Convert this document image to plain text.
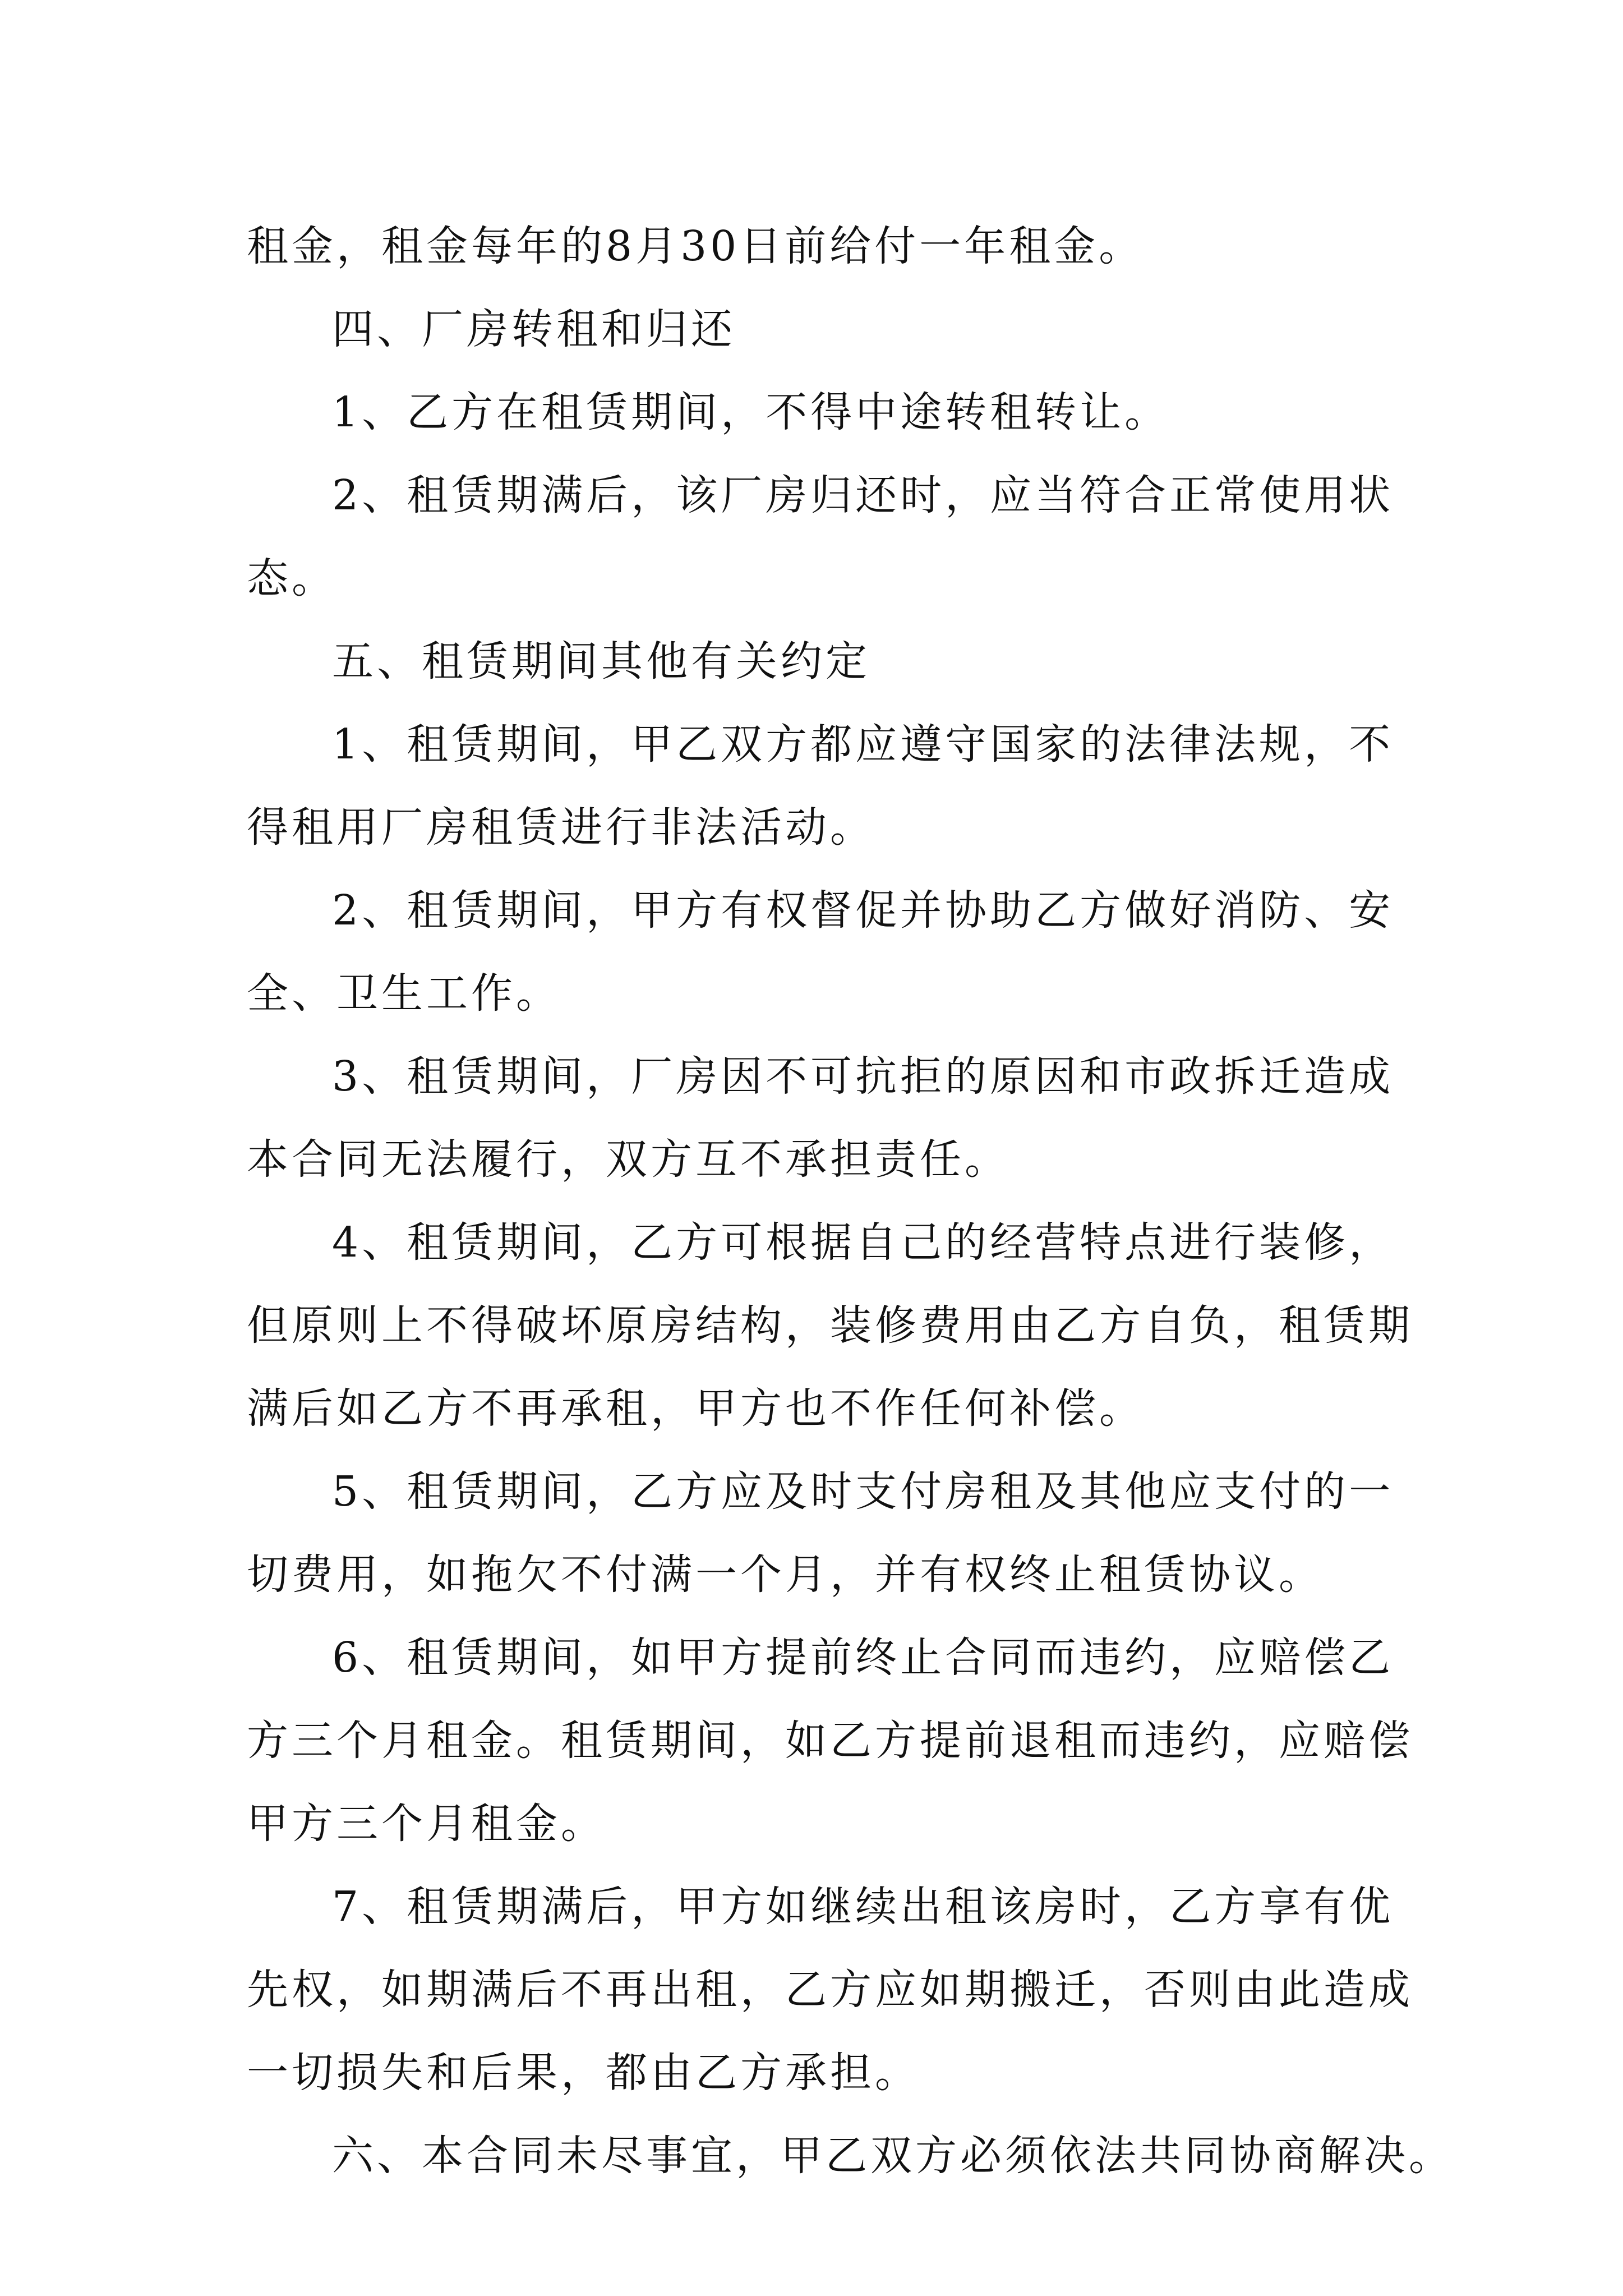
租金，租金每年的8月30日前给付一年租金。
四、厂房转租和归还
1、乙方在租赁期间，不得中途转租转让。
2、租赁期满后，该厂房归还时，应当符合正常使用状
态。
五、租赁期间其他有关约定
1、租赁期间，甲乙双方都应遵守国家的法律法规，不
得租用厂房租赁进行非法活动。
2、租赁期间，甲方有权督促并协助乙方做好消防、安
全、卫生工作。
3、租赁期间，厂房因不可抗拒的原因和市政拆迁造成
本合同无法履行，双方互不承担责任。
4、租赁期间，乙方可根据自己的经营特点进行装修，
但原则上不得破坏原房结构，装修费用由乙方自负，租赁期
满后如乙方不再承租，甲方也不作任何补偿。
5、租赁期间，乙方应及时支付房租及其他应支付的一
切费用，如拖欠不付满一个月，并有权终止租赁协议。
6、租赁期间，如甲方提前终止合同而违约，应赔偿乙
方三个月租金。租赁期间，如乙方提前退租而违约，应赔偿
甲方三个月租金。
7、租赁期满后，甲方如继续出租该房时，乙方享有优
先权，如期满后不再出租，乙方应如期搬迁，否则由此造成
一切损失和后果，都由乙方承担。
六、本合同未尽事宜，甲乙双方必须依法共同协商解决。
